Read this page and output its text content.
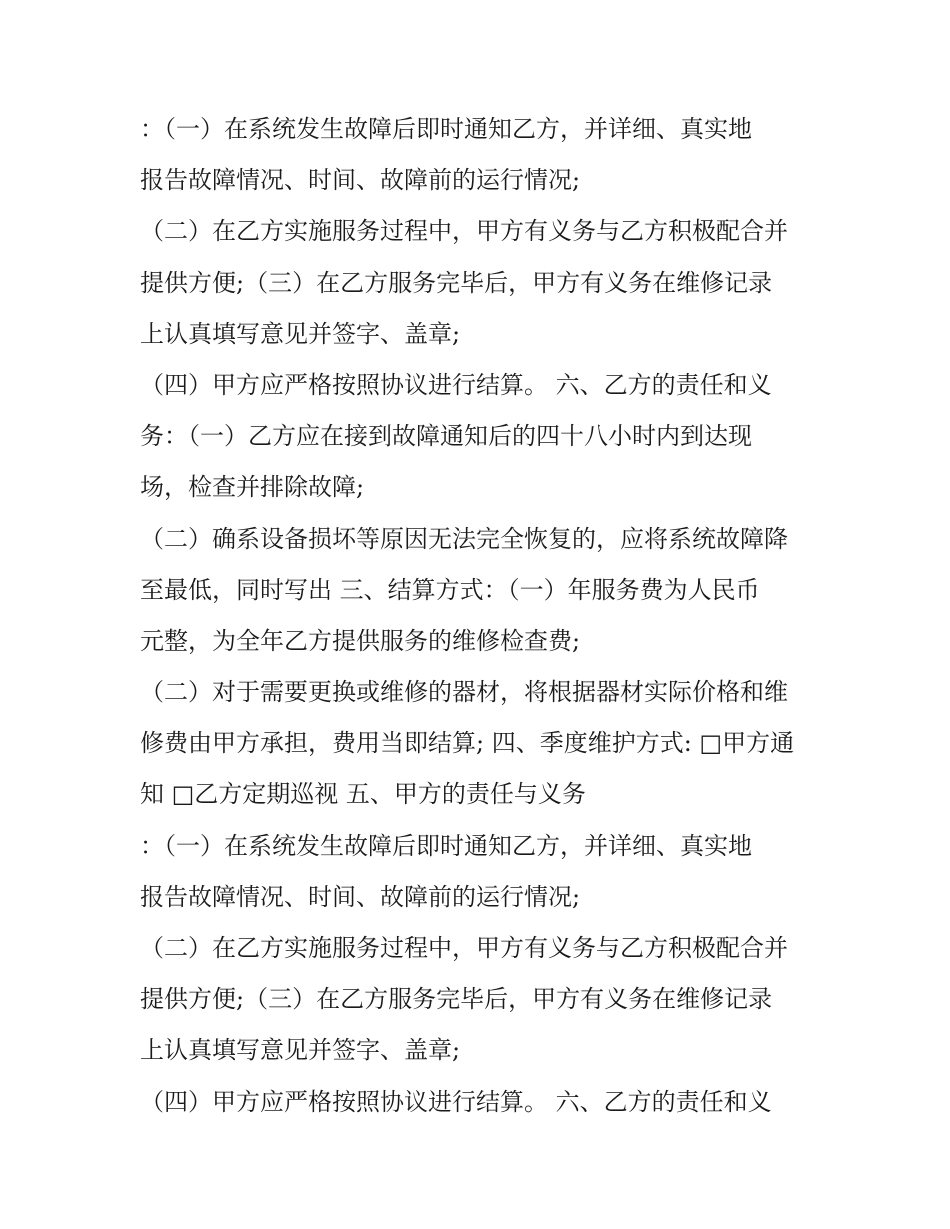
：（一）在系统发生故障后即时通知乙方，并详细、真实地
报告故障情况、时间、故障前的运行情况;
（二）在乙方实施服务过程中，甲方有义务与乙方积极配合并
提供方便;（三）在乙方服务完毕后，甲方有义务在维修记录
上认真填写意见并签字、盖章;
（四）甲方应严格按照协议进行结算。 六、乙方的责任和义
务：（一）乙方应在接到故障通知后的四十八小时内到达现
场，检查并排除故障;
（二）确系设备损坏等原因无法完全恢复的，应将系统故障降
至最低，同时写出 三、结算方式：（一）年服务费为人民币
元整，为全年乙方提供服务的维修检查费;
（二）对于需要更换或维修的器材，将根据器材实际价格和维
修费由甲方承担，费用当即结算; 四、季度维护方式: □甲方通
知 □乙方定期巡视 五、甲方的责任与义务
：（一）在系统发生故障后即时通知乙方，并详细、真实地
报告故障情况、时间、故障前的运行情况;
（二）在乙方实施服务过程中，甲方有义务与乙方积极配合并
提供方便;（三）在乙方服务完毕后，甲方有义务在维修记录
上认真填写意见并签字、盖章;
（四）甲方应严格按照协议进行结算。 六、乙方的责任和义
